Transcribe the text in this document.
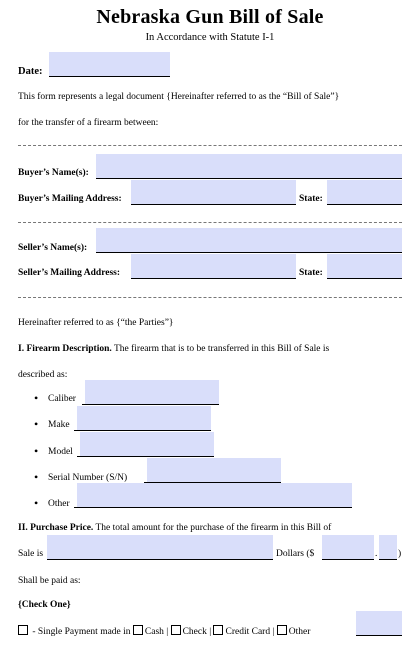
Nebraska Gun Bill of Sale
In Accordance with Statute I-1
Date:
This form represents a legal document {Hereinafter referred to as the “Bill of Sale”}
for the transfer of a firearm between:
Buyer’s Name(s):
Buyer’s Mailing Address:	State:
Seller’s Name(s):
Seller’s Mailing Address:	State:
Hereinafter referred to as {“the Parties”}
I. Firearm Description. The firearm that is to be transferred in this Bill of Sale is
described as:
• Caliber
• Make
• Model
• Serial Number (S/N)
• Other
II. Purchase Price. The total amount for the purchase of the firearm in this Bill of
Sale is	Dollars ($	. )
Shall be paid as:
{Check One}
- Single Payment made in Cash | Check | Credit Card | Other
